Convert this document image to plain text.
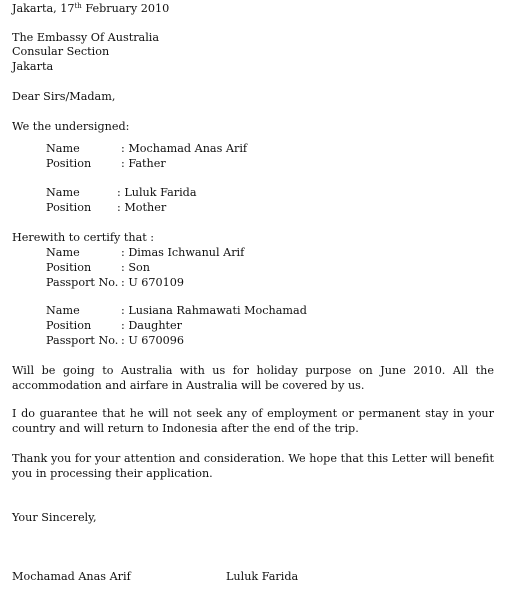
Jakarta, 17th February 2010
The Embassy Of Australia
Consular Section
Jakarta
Dear Sirs/Madam,
We the undersigned:
Name	: Mochamad Anas Arif
Position	: Father
Name	: Luluk Farida
Position : Mother
Herewith to certify that :
Name	: Dimas Ichwanul Arif
Position	: Son
Passport No. : U 670109
Name	: Lusiana Rahmawati Mochamad
Position	: Daughter
Passport No. : U 670096
Will be going to Australia with us for holiday purpose on June 2010. All the accommodation and airfare in Australia will be covered by us.
I do guarantee that he will not seek any of employment or permanent stay in your country and will return to Indonesia after the end of the trip.
Thank you for your attention and consideration. We hope that this Letter will benefit you in processing their application.
Your Sincerely,
Mochamad Anas Arif	Luluk Farida
